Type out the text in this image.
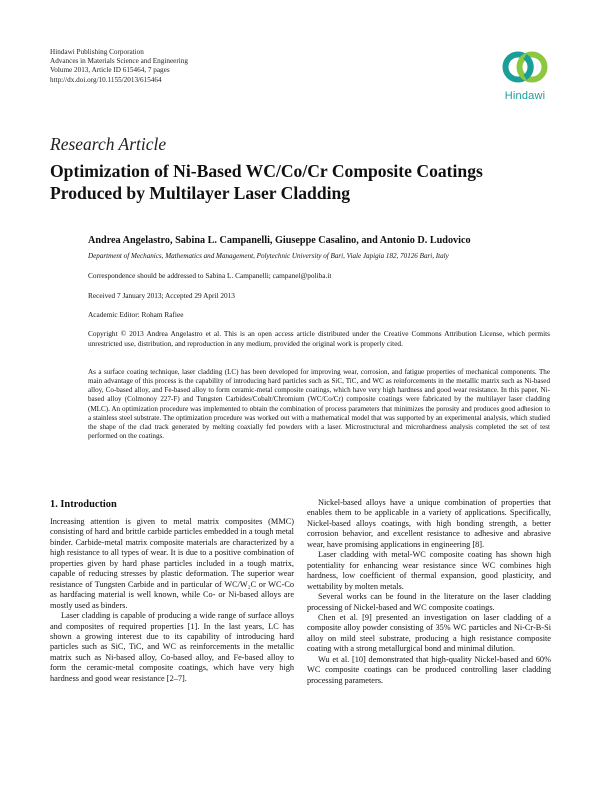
Hindawi Publishing Corporation
Advances in Materials Science and Engineering
Volume 2013, Article ID 615464, 7 pages
http://dx.doi.org/10.1155/2013/615464
Hindawi
Research Article
Optimization of Ni-Based WC/Co/Cr Composite Coatings Produced by Multilayer Laser Cladding
Andrea Angelastro, Sabina L. Campanelli, Giuseppe Casalino, and Antonio D. Ludovico
Department of Mechanics, Mathematics and Management, Polytechnic University of Bari, Viale Japigia 182, 70126 Bari, Italy
Correspondence should be addressed to Sabina L. Campanelli; campanel@poliba.it
Received 7 January 2013; Accepted 29 April 2013
Academic Editor: Roham Rafiee
Copyright © 2013 Andrea Angelastro et al. This is an open access article distributed under the Creative Commons Attribution License, which permits unrestricted use, distribution, and reproduction in any medium, provided the original work is properly cited.
As a surface coating technique, laser cladding (LC) has been developed for improving wear, corrosion, and fatigue properties of mechanical components. The main advantage of this process is the capability of introducing hard particles such as SiC, TiC, and WC as reinforcements in the metallic matrix such as Ni-based alloy, Co-based alloy, and Fe-based alloy to form ceramic-metal composite coatings, which have very high hardness and good wear resistance. In this paper, Ni-based alloy (Colmonoy 227-F) and Tungsten Carbides/Cobalt/Chromium (WC/Co/Cr) composite coatings were fabricated by the multilayer laser cladding (MLC). An optimization procedure was implemented to obtain the combination of process parameters that minimizes the porosity and produces good adhesion to a stainless steel substrate. The optimization procedure was worked out with a mathematical model that was supported by an experimental analysis, which studied the shape of the clad track generated by melting coaxially fed powders with a laser. Microstructural and microhardness analysis completed the set of test performed on the coatings.
1. Introduction

Increasing attention is given to metal matrix composites (MMC) consisting of hard and brittle carbide particles embedded in a tough metal binder. Carbide-metal matrix composite materials are characterized by a high resistance to all types of wear. It is due to a positive combination of properties given by hard phase particles included in a tough matrix, capable of reducing stresses by plastic deformation. The superior wear resistance of Tungsten Carbide and in particular of WC/W₂C or WC-Co as hardfacing material is well known, while Co- or Ni-based alloys are mostly used as binders.

Laser cladding is capable of producing a wide range of surface alloys and composites of required properties [1]. In the last years, LC has shown a growing interest due to its capability of introducing hard particles such as SiC, TiC, and WC as reinforcements in the metallic matrix such as Ni-based alloy, Co-based alloy, and Fe-based alloy to form the ceramic-metal composite coatings, which have very high hardness and good wear resistance [2–7].

Nickel-based alloys have a unique combination of properties that enables them to be applicable in a variety of applications. Specifically, Nickel-based alloys coatings, with high bonding strength, a better corrosion behavior, and excellent resistance to adhesive and abrasive wear, have promising applications in engineering [8].

Laser cladding with metal-WC composite coating has shown high potentiality for enhancing wear resistance since WC combines high hardness, low coefficient of thermal expansion, good plasticity, and wettability by molten metals.

Several works can be found in the literature on the laser cladding processing of Nickel-based and WC composite coatings.

Chen et al. [9] presented an investigation on laser cladding of a composite alloy powder consisting of 35% WC particles and Ni-Cr-B-Si alloy on mild steel substrate, producing a high resistance composite coating with a strong metallurgical bond and minimal dilution.

Wu et al. [10] demonstrated that high-quality Nickel-based and 60% WC composite coatings can be produced controlling laser cladding processing parameters.
